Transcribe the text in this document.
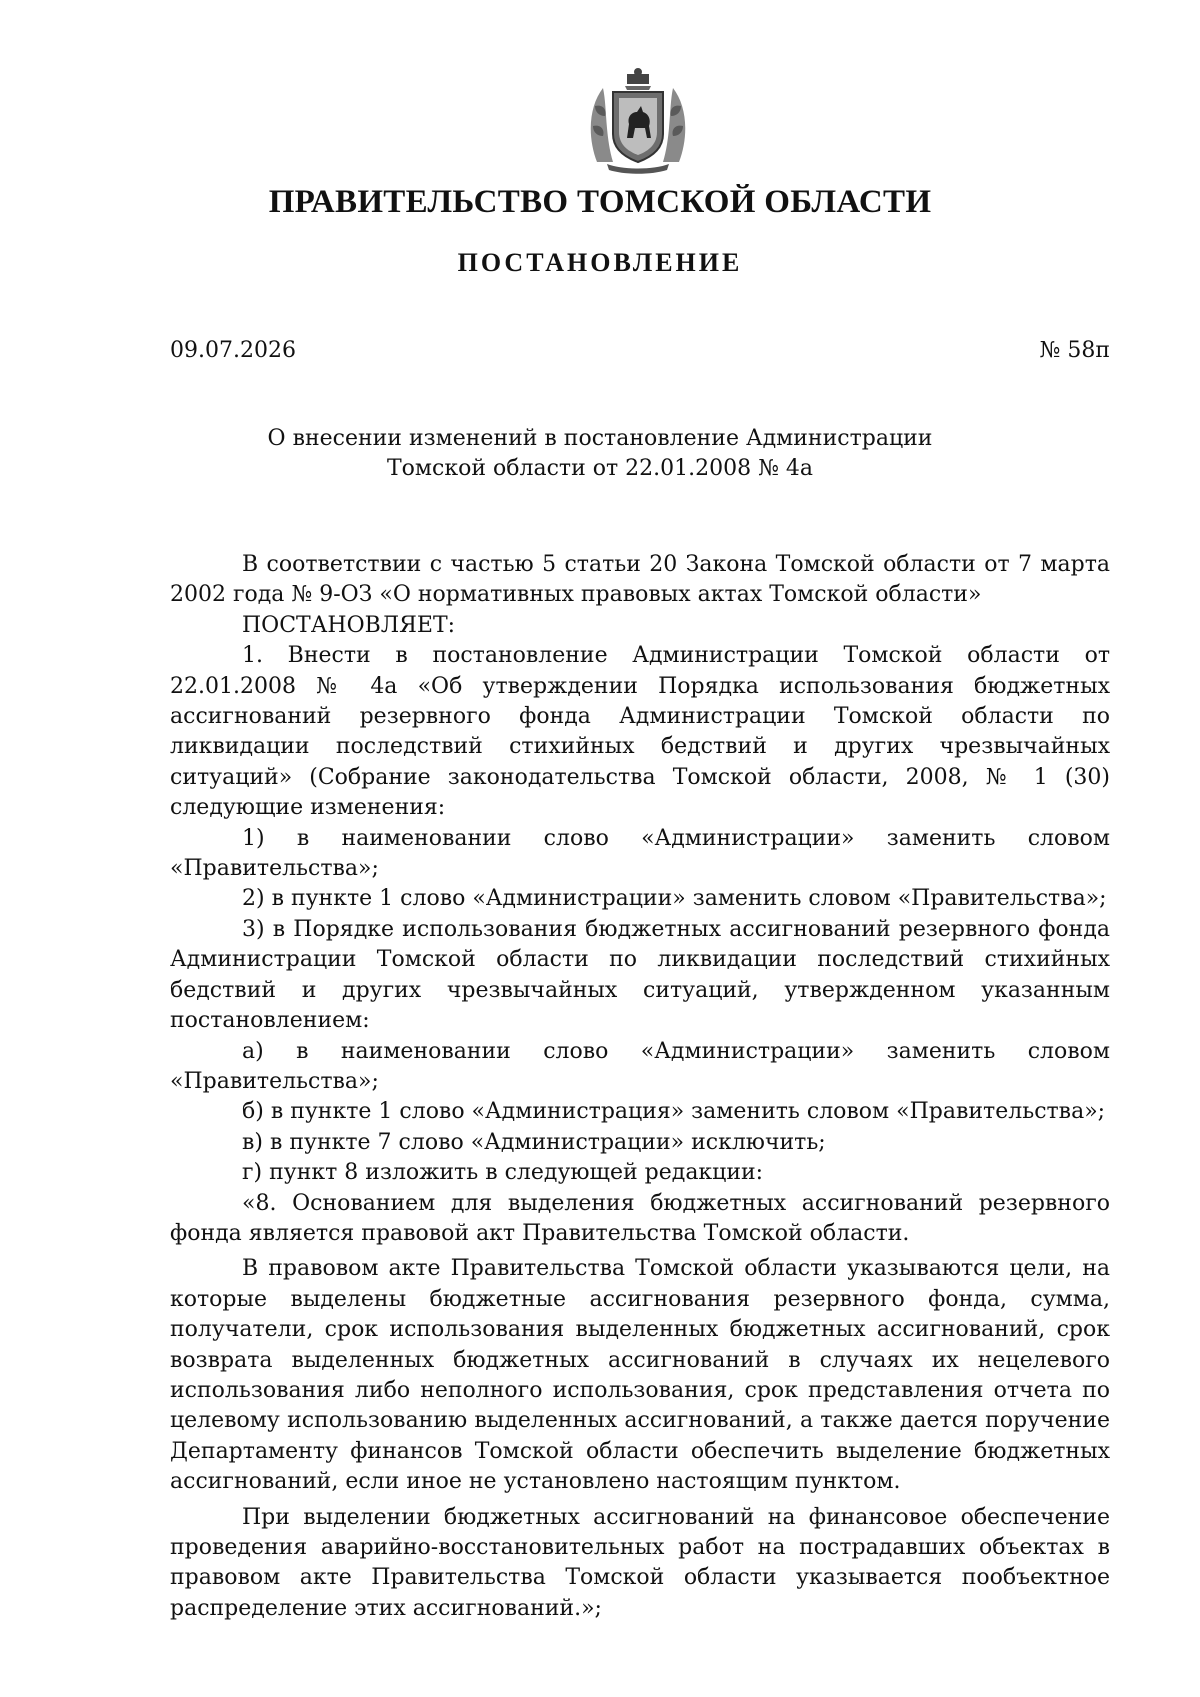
ПРАВИТЕЛЬСТВО ТОМСКОЙ ОБЛАСТИ
ПОСТАНОВЛЕНИЕ
09.07.2026	№ 58п
О внесении изменений в постановление Администрации
Томской области от 22.01.2008 № 4а

В соответствии с частью 5 статьи 20 Закона Томской области от 7 марта 2002 года № 9-ОЗ «О нормативных правовых актах Томской области»

ПОСТАНОВЛЯЕТ:

1. Внести в постановление Администрации Томской области от 22.01.2008 № 4а «Об утверждении Порядка использования бюджетных ассигнований резервного фонда Администрации Томской области по ликвидации последствий стихийных бедствий и других чрезвычайных ситуаций» (Собрание законодательства Томской области, 2008, № 1 (30) следующие изменения:

1) в наименовании слово «Администрации» заменить словом «Правительства»;

2) в пункте 1 слово «Администрации» заменить словом «Правительства»;

3) в Порядке использования бюджетных ассигнований резервного фонда Администрации Томской области по ликвидации последствий стихийных бедствий и других чрезвычайных ситуаций, утвержденном указанным постановлением:

а) в наименовании слово «Администрации» заменить словом «Правительства»;

б) в пункте 1 слово «Администрация» заменить словом «Правительства»;

в) в пункте 7 слово «Администрации» исключить;

г) пункт 8 изложить в следующей редакции:

«8. Основанием для выделения бюджетных ассигнований резервного фонда является правовой акт Правительства Томской области.

В правовом акте Правительства Томской области указываются цели, на которые выделены бюджетные ассигнования резервного фонда, сумма, получатели, срок использования выделенных бюджетных ассигнований, срок возврата выделенных бюджетных ассигнований в случаях их нецелевого использования либо неполного использования, срок представления отчета по целевому использованию выделенных ассигнований, а также дается поручение Департаменту финансов Томской области обеспечить выделение бюджетных ассигнований, если иное не установлено настоящим пунктом.

При выделении бюджетных ассигнований на финансовое обеспечение проведения аварийно-восстановительных работ на пострадавших объектах в правовом акте Правительства Томской области указывается пообъектное распределение этих ассигнований.»;
